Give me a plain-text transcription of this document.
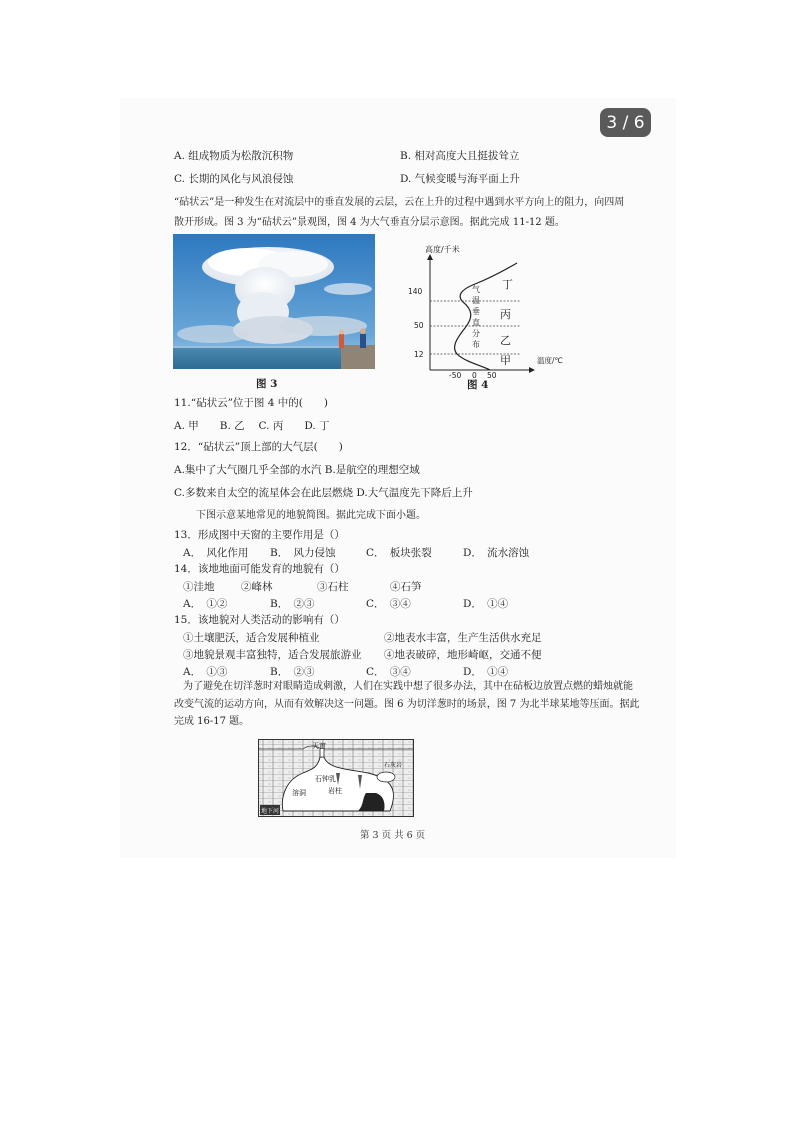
3 / 6
A. 组成物质为松散沉积物	B. 相对高度大且挺拔耸立
C. 长期的风化与风浪侵蚀	D. 气候变暖与海平面上升
“砧状云”是一种发生在对流层中的垂直发展的云层，云在上升的过程中遇到水平方向上的阻力，向四周
散开形成。图 3 为“砧状云”景观图，图 4 为大气垂直分层示意图。据此完成 11-12 题。
图 3
高度/千米
温度/℃
140
50
12
-50 0 50
丁
丙
乙
甲
气
温
垂
直
分
布
图 4
11.“砧状云”位于图 4 中的(　　)
A. 甲　　B. 乙　 C. 丙　　D. 丁
12．“砧状云”顶上部的大气层(　　)
A.集中了大气圈几乎全部的水汽 B.是航空的理想空域
C.多数来自太空的流星体会在此层燃烧 D.大气温度先下降后上升
下图示意某地常见的地貌简图。据此完成下面小题。
13．形成图中天窗的主要作用是（）
A．　风化作用 B．　风力侵蚀	C．　板块张裂	D．　流水溶蚀
14．该地地面可能发育的地貌有（）
①洼地	②峰林	③石柱	④石笋
A．　①②	B．　②③	C．　③④	D．　①④
15．该地貌对人类活动的影响有（）
①土壤肥沃，适合发展种植业	②地表水丰富，生产生活供水充足
③地貌景观丰富独特，适合发展旅游业 ④地表破碎，地形崎岖，交通不便
A．　①③	B．　②③	C．　③④	D．　①④
为了避免在切洋葱时对眼睛造成刺激，人们在实践中想了很多办法，其中在砧板边放置点燃的蜡烛就能
改变气流的运动方向，从而有效解决这一问题。图 6 为切洋葱时的场景，图 7 为北半球某地等压面。据此
完成 16-17 题。
天窗
石钟乳
溶洞	岩柱
石灰岩
地下河
第 3 页 共 6 页
